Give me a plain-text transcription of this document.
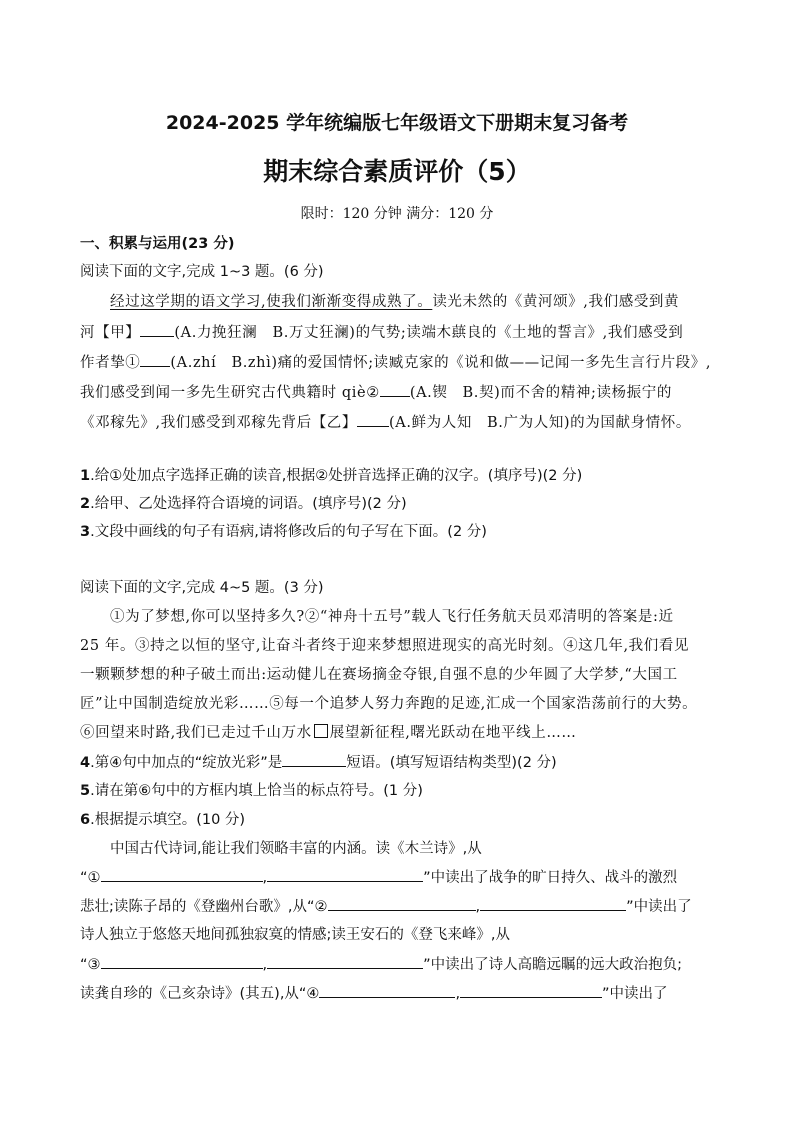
2024-2025 学年统编版七年级语文下册期末复习备考
期末综合素质评价（5）
限时：120 分钟 满分：120 分
一、积累与运用(23 分)
阅读下面的文字,完成 1~3 题。(6 分)
经过这学期的语文学习,使我们渐渐变得成熟了。读光未然的《黄河颂》,我们感受到黄
河【甲】 (A.力挽狂澜　B.万丈狂澜)的气势;读端木蕻良的《土地的誓言》,我们感受到
作者挚① (A.zhí　B.zhì)痛的爱国情怀;读臧克家的《说和做——记闻一多先生言行片段》,
我们感受到闻一多先生研究古代典籍时 qiè② (A.锲　B.契)而不舍的精神;读杨振宁的
《邓稼先》,我们感受到邓稼先背后【乙】 (A.鲜为人知　B.广为人知)的为国献身情怀。
1.给①处加点字选择正确的读音,根据②处拼音选择正确的汉字。(填序号)(2 分)
2.给甲、乙处选择符合语境的词语。(填序号)(2 分)
3.文段中画线的句子有语病,请将修改后的句子写在下面。(2 分)
阅读下面的文字,完成 4~5 题。(3 分)
①为了梦想,你可以坚持多久?②“神舟十五号”载人飞行任务航天员邓清明的答案是:近
25 年。③持之以恒的坚守,让奋斗者终于迎来梦想照进现实的高光时刻。④这几年,我们看见
一颗颗梦想的种子破土而出:运动健儿在赛场摘金夺银,自强不息的少年圆了大学梦,“大国工
匠”让中国制造绽放光彩……⑤每一个追梦人努力奔跑的足迹,汇成一个国家浩荡前行的大势。
⑥回望来时路,我们已走过千山万水 展望新征程,曙光跃动在地平线上……
4.第④句中加点的“绽放光彩”是	短语。(填写短语结构类型)(2 分)
5.请在第⑥句中的方框内填上恰当的标点符号。(1 分)
6.根据提示填空。(10 分)
中国古代诗词,能让我们领略丰富的内涵。读《木兰诗》,从
“①	,	”中读出了战争的旷日持久、战斗的激烈
悲壮;读陈子昂的《登幽州台歌》,从“②	,	”中读出了
诗人独立于悠悠天地间孤独寂寞的情感;读王安石的《登飞来峰》,从
“③	,	”中读出了诗人高瞻远瞩的远大政治抱负;
读龚自珍的《己亥杂诗》(其五),从“④	,	”中读出了
